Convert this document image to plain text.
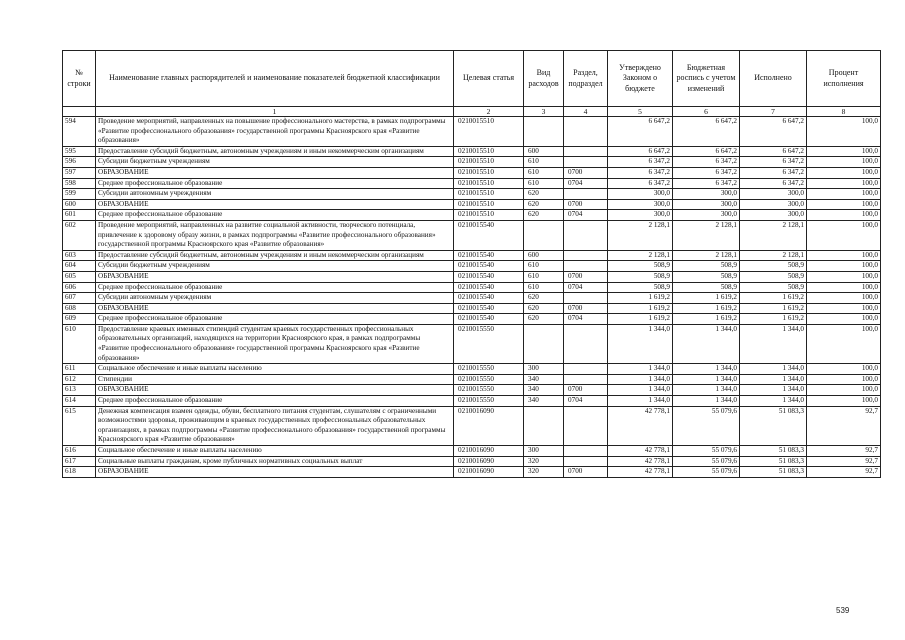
№ строки	Наименование главных распорядителей и наименование показателей бюджетной классификации	Целевая статья	Вид расходов	Раздел, подраздел	Утверждено Законом о бюджете	Бюджетная роспись с учетом изменений	Исполнено	Процент исполнения
	1	2	3	4	5	6	7	8
594	Проведение мероприятий, направленных на повышение профессионального мастерства, в рамках подпрограммы «Развитие профессионального образования» государственной программы Красноярского края «Развитие образования»	0210015510			6 647,2	6 647,2	6 647,2	100,0
595	Предоставление субсидий бюджетным, автономным учреждениям и иным некоммерческим организациям	0210015510	600		6 647,2	6 647,2	6 647,2	100,0
596	Субсидии бюджетным учреждениям	0210015510	610		6 347,2	6 347,2	6 347,2	100,0
597	ОБРАЗОВАНИЕ	0210015510	610	0700	6 347,2	6 347,2	6 347,2	100,0
598	Среднее профессиональное образование	0210015510	610	0704	6 347,2	6 347,2	6 347,2	100,0
599	Субсидии автономным учреждениям	0210015510	620		300,0	300,0	300,0	100,0
600	ОБРАЗОВАНИЕ	0210015510	620	0700	300,0	300,0	300,0	100,0
601	Среднее профессиональное образование	0210015510	620	0704	300,0	300,0	300,0	100,0
602	Проведение мероприятий, направленных на развитие социальной активности, творческого потенциала, привлечение к здоровому образу жизни, в рамках подпрограммы «Развитие профессионального образования» государственной программы Красноярского края «Развитие образования»	0210015540			2 128,1	2 128,1	2 128,1	100,0
603	Предоставление субсидий бюджетным, автономным учреждениям и иным некоммерческим организациям	0210015540	600		2 128,1	2 128,1	2 128,1	100,0
604	Субсидии бюджетным учреждениям	0210015540	610		508,9	508,9	508,9	100,0
605	ОБРАЗОВАНИЕ	0210015540	610	0700	508,9	508,9	508,9	100,0
606	Среднее профессиональное образование	0210015540	610	0704	508,9	508,9	508,9	100,0
607	Субсидии автономным учреждениям	0210015540	620		1 619,2	1 619,2	1 619,2	100,0
608	ОБРАЗОВАНИЕ	0210015540	620	0700	1 619,2	1 619,2	1 619,2	100,0
609	Среднее профессиональное образование	0210015540	620	0704	1 619,2	1 619,2	1 619,2	100,0
610	Предоставление краевых именных стипендий студентам краевых государственных профессиональных образовательных организаций, находящихся на территории Красноярского края, в рамках подпрограммы «Развитие профессионального образования» государственной программы Красноярского края «Развитие образования»	0210015550			1 344,0	1 344,0	1 344,0	100,0
611	Социальное обеспечение и иные выплаты населению	0210015550	300		1 344,0	1 344,0	1 344,0	100,0
612	Стипендии	0210015550	340		1 344,0	1 344,0	1 344,0	100,0
613	ОБРАЗОВАНИЕ	0210015550	340	0700	1 344,0	1 344,0	1 344,0	100,0
614	Среднее профессиональное образование	0210015550	340	0704	1 344,0	1 344,0	1 344,0	100,0
615	Денежная компенсация взамен одежды, обуви, бесплатного питания студентам, слушателям с ограниченными возможностями здоровья, проживающим в краевых государственных профессиональных образовательных организациях, в рамках подпрограммы «Развитие профессионального образования» государственной программы Красноярского края «Развитие образования»	0210016090			42 778,1	55 079,6	51 083,3	92,7
616	Социальное обеспечение и иные выплаты населению	0210016090	300		42 778,1	55 079,6	51 083,3	92,7
617	Социальные выплаты гражданам, кроме публичных нормативных социальных выплат	0210016090	320		42 778,1	55 079,6	51 083,3	92,7
618	ОБРАЗОВАНИЕ	0210016090	320	0700	42 778,1	55 079,6	51 083,3	92,7
539
